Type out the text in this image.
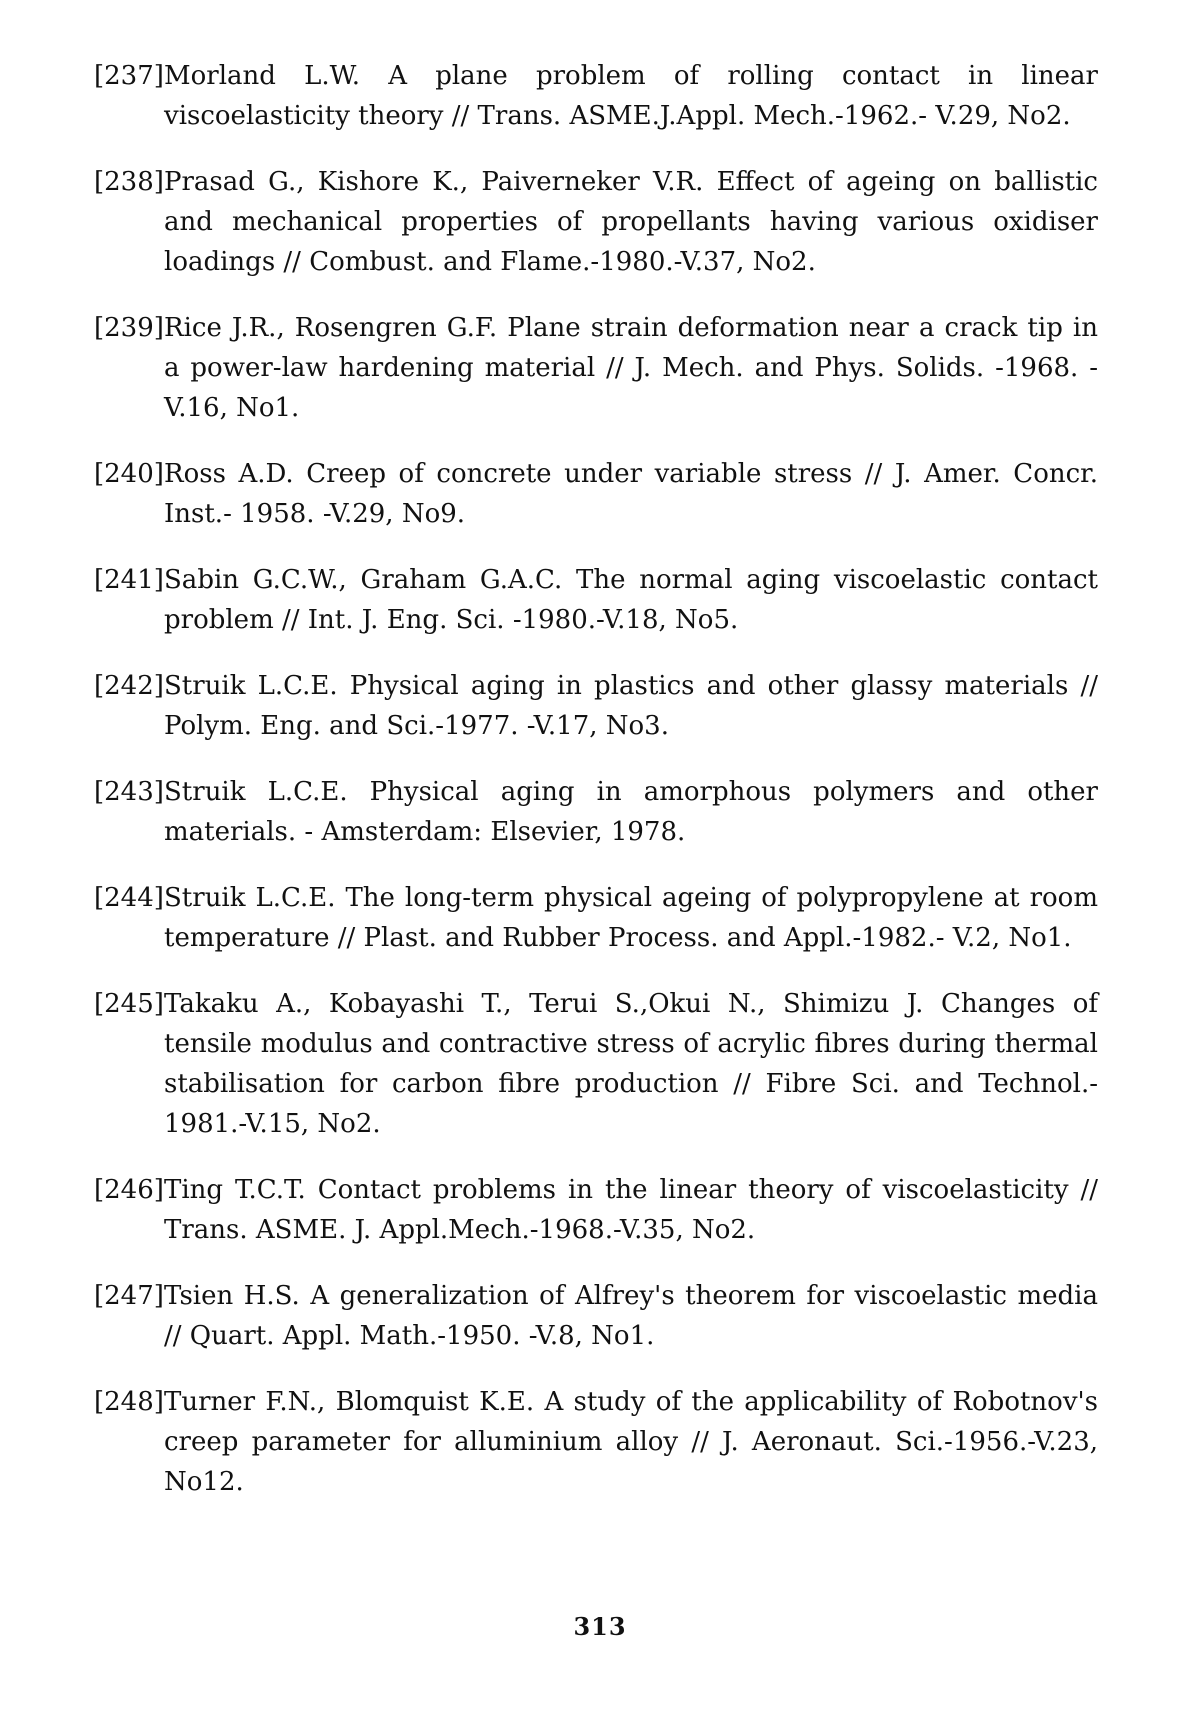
[237] Morland L.W. A plane problem of rolling contact in linear viscoelasticity theory // Trans. ASME.J.Appl. Mech.-1962.- V.29, No2.
[238] Prasad G., Kishore K., Paiverneker V.R. Effect of ageing on ballistic and mechanical properties of propellants having various oxidiser loadings // Combust. and Flame.-1980.-V.37, No2.
[239] Rice J.R., Rosengren G.F. Plane strain deformation near a crack tip in a power-law hardening material // J. Mech. and Phys. Solids. -1968. -V.16, No1.
[240] Ross A.D. Creep of concrete under variable stress // J. Amer. Concr. Inst.- 1958. -V.29, No9.
[241] Sabin G.C.W., Graham G.A.C. The normal aging viscoelastic contact problem // Int. J. Eng. Sci. -1980.-V.18, No5.
[242] Struik L.C.E. Physical aging in plastics and other glassy materials // Polym. Eng. and Sci.-1977. -V.17, No3.
[243] Struik L.C.E. Physical aging in amorphous polymers and other materials. - Amsterdam: Elsevier, 1978.
[244] Struik L.C.E. The long-term physical ageing of polypropylene at room temperature // Plast. and Rubber Process. and Appl.-1982.- V.2, No1.
[245] Takaku A., Kobayashi T., Terui S.,Okui N., Shimizu J. Changes of tensile modulus and contractive stress of acrylic fibres during thermal stabilisation for carbon fibre production // Fibre Sci. and Technol.- 1981.-V.15, No2.
[246] Ting T.C.T. Contact problems in the linear theory of viscoelasticity // Trans. ASME. J. Appl.Mech.-1968.-V.35, No2.
[247] Tsien H.S. A generalization of Alfrey's theorem for viscoelastic media // Quart. Appl. Math.-1950. -V.8, No1.
[248] Turner F.N., Blomquist K.E. A study of the applicability of Robotnov's creep parameter for alluminium alloy // J. Aeronaut. Sci.-1956.-V.23, No12.
313
